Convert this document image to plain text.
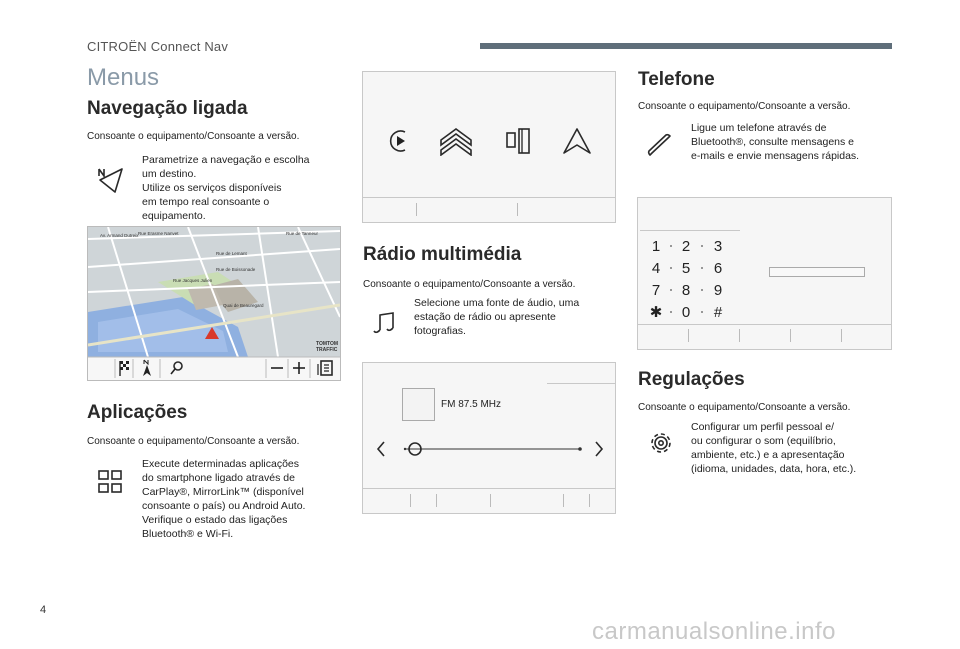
CITROËN Connect Nav
Menus
Navegação ligada
Consoante o equipamento/Consoante a versão.
Parametrize a navegação e escolha
um destino.
Utilize os serviços disponíveis
em tempo real consoante o
equipamento.
Av. Armand Dutreix Rue Erasme Nanvet	Rue de Tanneur
Rue de Lemant
Rue de Boissonade
Rue Jacques Julien
Quai de Beauregard
TOMTOM
TRAFFIC
Aplicações
Consoante o equipamento/Consoante a versão.
Execute determinadas aplicações
do smartphone ligado através de
CarPlay®, MirrorLink™ (disponível
consoante o país) ou Android Auto.
Verifique o estado das ligações
Bluetooth® e Wi-Fi.
Rádio multimédia
Consoante o equipamento/Consoante a versão.
Selecione uma fonte de áudio, uma
estação de rádio ou apresente
fotografias.
FM 87.5 MHz
Telefone
Consoante o equipamento/Consoante a versão.
Ligue um telefone através de
Bluetooth®, consulte mensagens e
e-mails e envie mensagens rápidas.
1 2 3
4 5 6
7 8 9
✱ 0 #
Regulações
Consoante o equipamento/Consoante a versão.
Configurar um perfil pessoal e/
ou configurar o som (equilíbrio,
ambiente, etc.) e a apresentação
(idioma, unidades, data, hora, etc.).
4
carmanualsonline.info
